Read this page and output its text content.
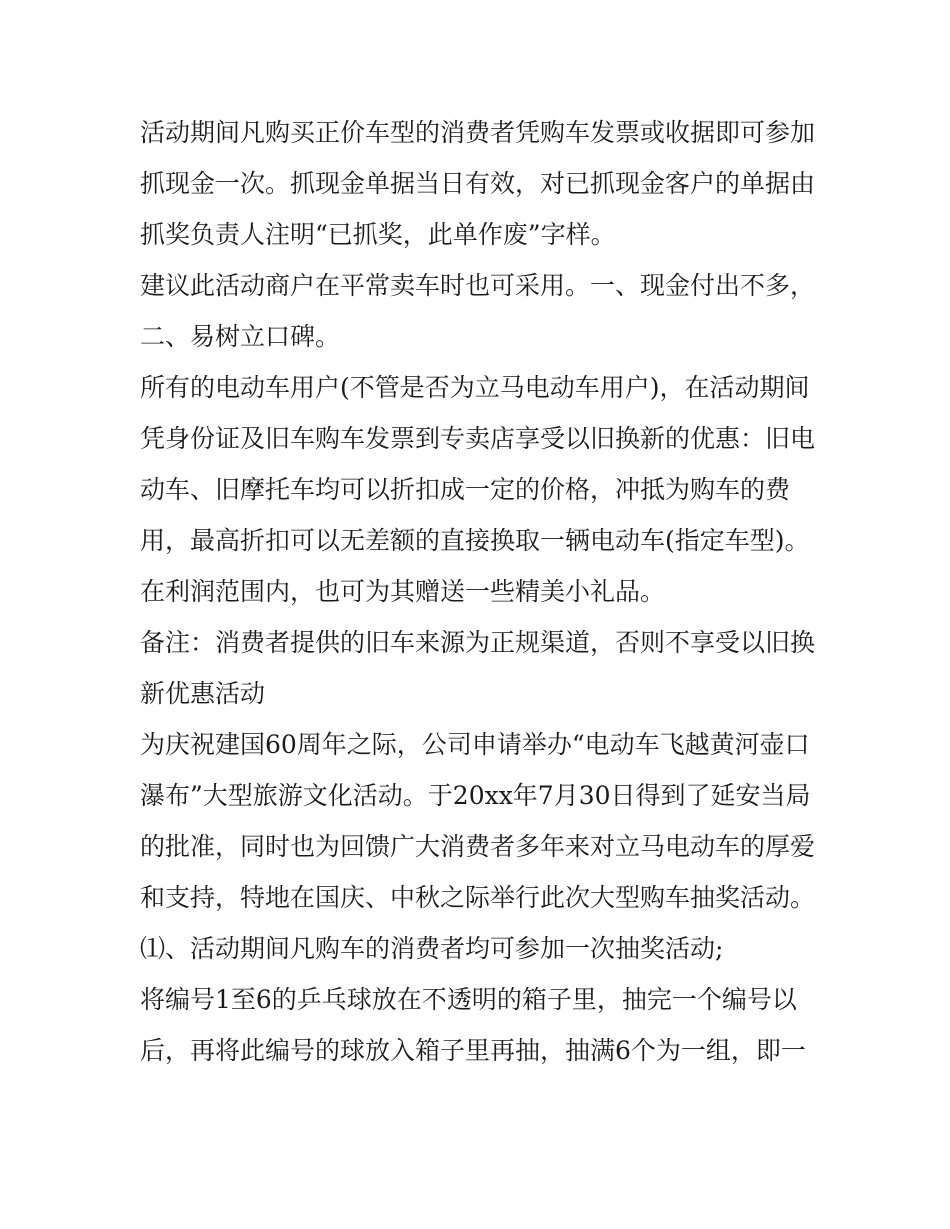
活动期间凡购买正价车型的消费者凭购车发票或收据即可参加抓现金一次。抓现金单据当日有效，对已抓现金客户的单据由抓奖负责人注明“已抓奖，此单作废”字样。

建议此活动商户在平常卖车时也可采用。一、现金付出不多，二、易树立口碑。

所有的电动车用户(不管是否为立马电动车用户)，在活动期间凭身份证及旧车购车发票到专卖店享受以旧换新的优惠：旧电动车、旧摩托车均可以折扣成一定的价格，冲抵为购车的费用，最高折扣可以无差额的直接换取一辆电动车(指定车型)。

在利润范围内，也可为其赠送一些精美小礼品。

备注：消费者提供的旧车来源为正规渠道，否则不享受以旧换新优惠活动

为庆祝建国60周年之际，公司申请举办“电动车飞越黄河壶口瀑布”大型旅游文化活动。于20xx年7月30日得到了延安当局的批准，同时也为回馈广大消费者多年来对立马电动车的厚爱和支持，特地在国庆、中秋之际举行此次大型购车抽奖活动。

⑴、活动期间凡购车的消费者均可参加一次抽奖活动;

将编号1至6的乒乓球放在不透明的箱子里，抽完一个编号以后，再将此编号的球放入箱子里再抽，抽满6个为一组，即一
